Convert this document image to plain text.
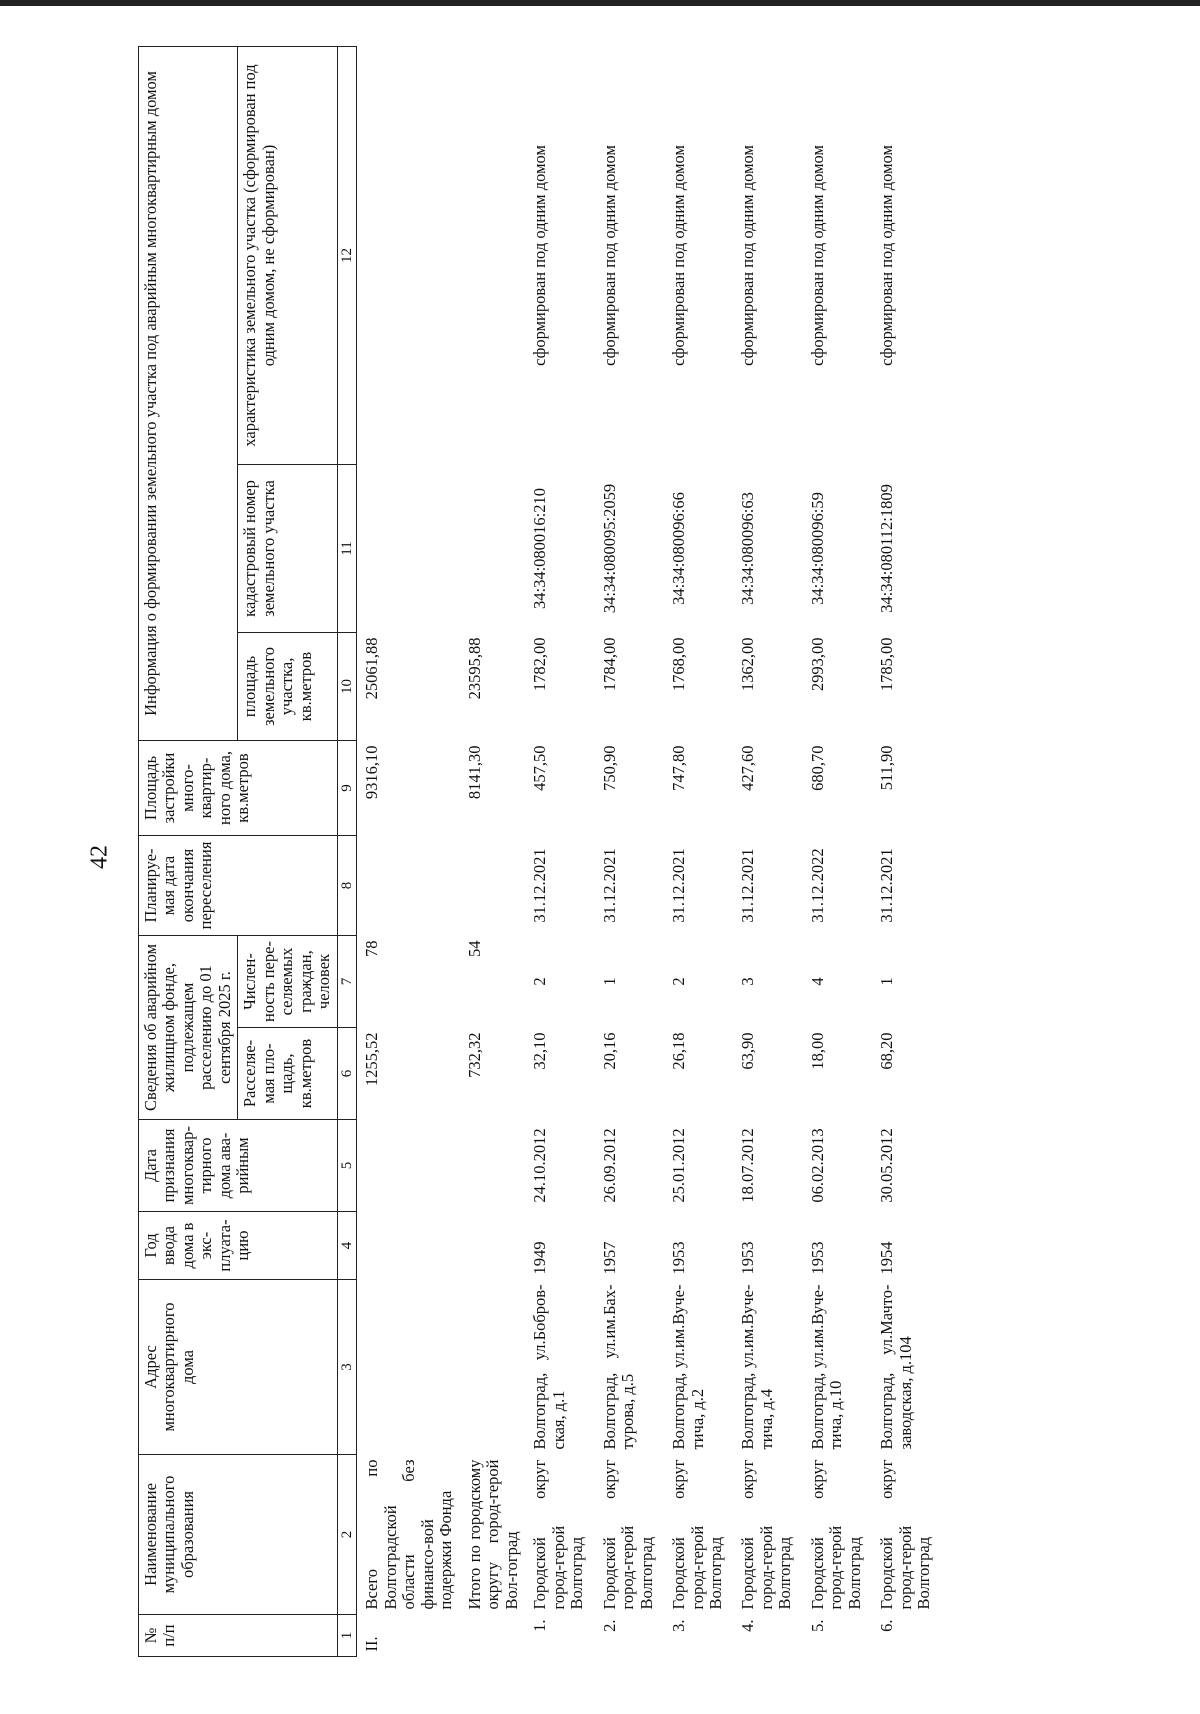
42
№ п/п	Наименование муниципального образования	Адрес многоквартирного дома	Год ввода дома в экс-плуата-цию	Дата признания многоквар-тирного дома ава-рийным	Сведения об аварийном жилищном фонде, подлежащем расселению до 01 сентября 2025 г.		Планируе-мая дата окончания переселения	Площадь застройки много-квартир-ного дома, кв.метров	Информация о формировании земельного участка под аварийным многоквартирным домом		
					Расселяе-мая пло-щадь, кв.метров	Числен-ность пере-селяемых граждан, человек			площадь земельного участка, кв.метров	кадастровый номер земельного участка	характеристика земельного участка (сформирован под одним домом, не сформирован)
1	2	3	4	5	6	7	8	9	10	11	12
II.	Всего по Волгоградской области без финансо-вой подержки Фонда				1255,52	78		9316,10	25061,88		
	Итого по городскому округу город-герой Вол-гоград				732,32	54		8141,30	23595,88		
1.	Городской округ город-герой Волгоград	Волгоград, ул.Бобров-ская, д.1	1949	24.10.2012	32,10	2	31.12.2021	457,50	1782,00	34:34:080016:210	сформирован под одним домом
2.	Городской округ город-герой Волгоград	Волгоград, ул.им.Бах-турова, д.5	1957	26.09.2012	20,16	1	31.12.2021	750,90	1784,00	34:34:080095:2059	сформирован под одним домом
3.	Городской округ город-герой Волгоград	Волгоград, ул.им.Вуче-тича, д.2	1953	25.01.2012	26,18	2	31.12.2021	747,80	1768,00	34:34:080096:66	сформирован под одним домом
4.	Городской округ город-герой Волгоград	Волгоград, ул.им.Вуче-тича, д.4	1953	18.07.2012	63,90	3	31.12.2021	427,60	1362,00	34:34:080096:63	сформирован под одним домом
5.	Городской округ город-герой Волгоград	Волгоград, ул.им.Вуче-тича, д.10	1953	06.02.2013	18,00	4	31.12.2022	680,70	2993,00	34:34:080096:59	сформирован под одним домом
6.	Городской округ город-герой Волгоград	Волгоград, ул.Мачто-заводская, д.104	1954	30.05.2012	68,20	1	31.12.2021	511,90	1785,00	34:34:080112:1809	сформирован под одним домом
